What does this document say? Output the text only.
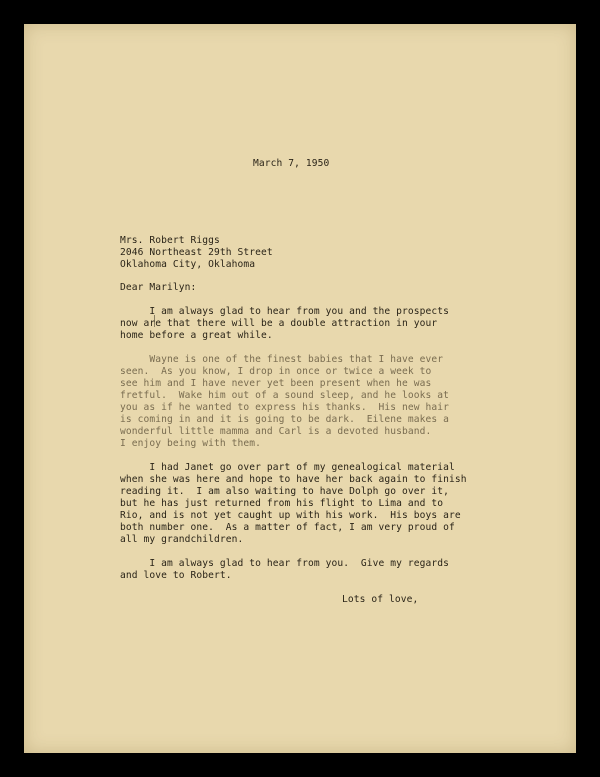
March 7, 1950
Mrs. Robert Riggs
2046 Northeast 29th Street
Oklahoma City, Oklahoma
Dear Marilyn:
I am always glad to hear from you and the prospects
now are that there will be a double attraction in your
home before a great while.
Wayne is one of the finest babies that I have ever
seen.  As you know, I drop in once or twice a week to
see him and I have never yet been present when he was
fretful.  Wake him out of a sound sleep, and he looks at
you as if he wanted to express his thanks.  His new hair
is coming in and it is going to be dark.  Eilene makes a
wonderful little mamma and Carl is a devoted husband.
I enjoy being with them.
I had Janet go over part of my genealogical material
when she was here and hope to have her back again to finish
reading it.  I am also waiting to have Dolph go over it,
but he has just returned from his flight to Lima and to
Rio, and is not yet caught up with his work.  His boys are
both number one.  As a matter of fact, I am very proud of
all my grandchildren.
I am always glad to hear from you.  Give my regards
and love to Robert.
Lots of love,
